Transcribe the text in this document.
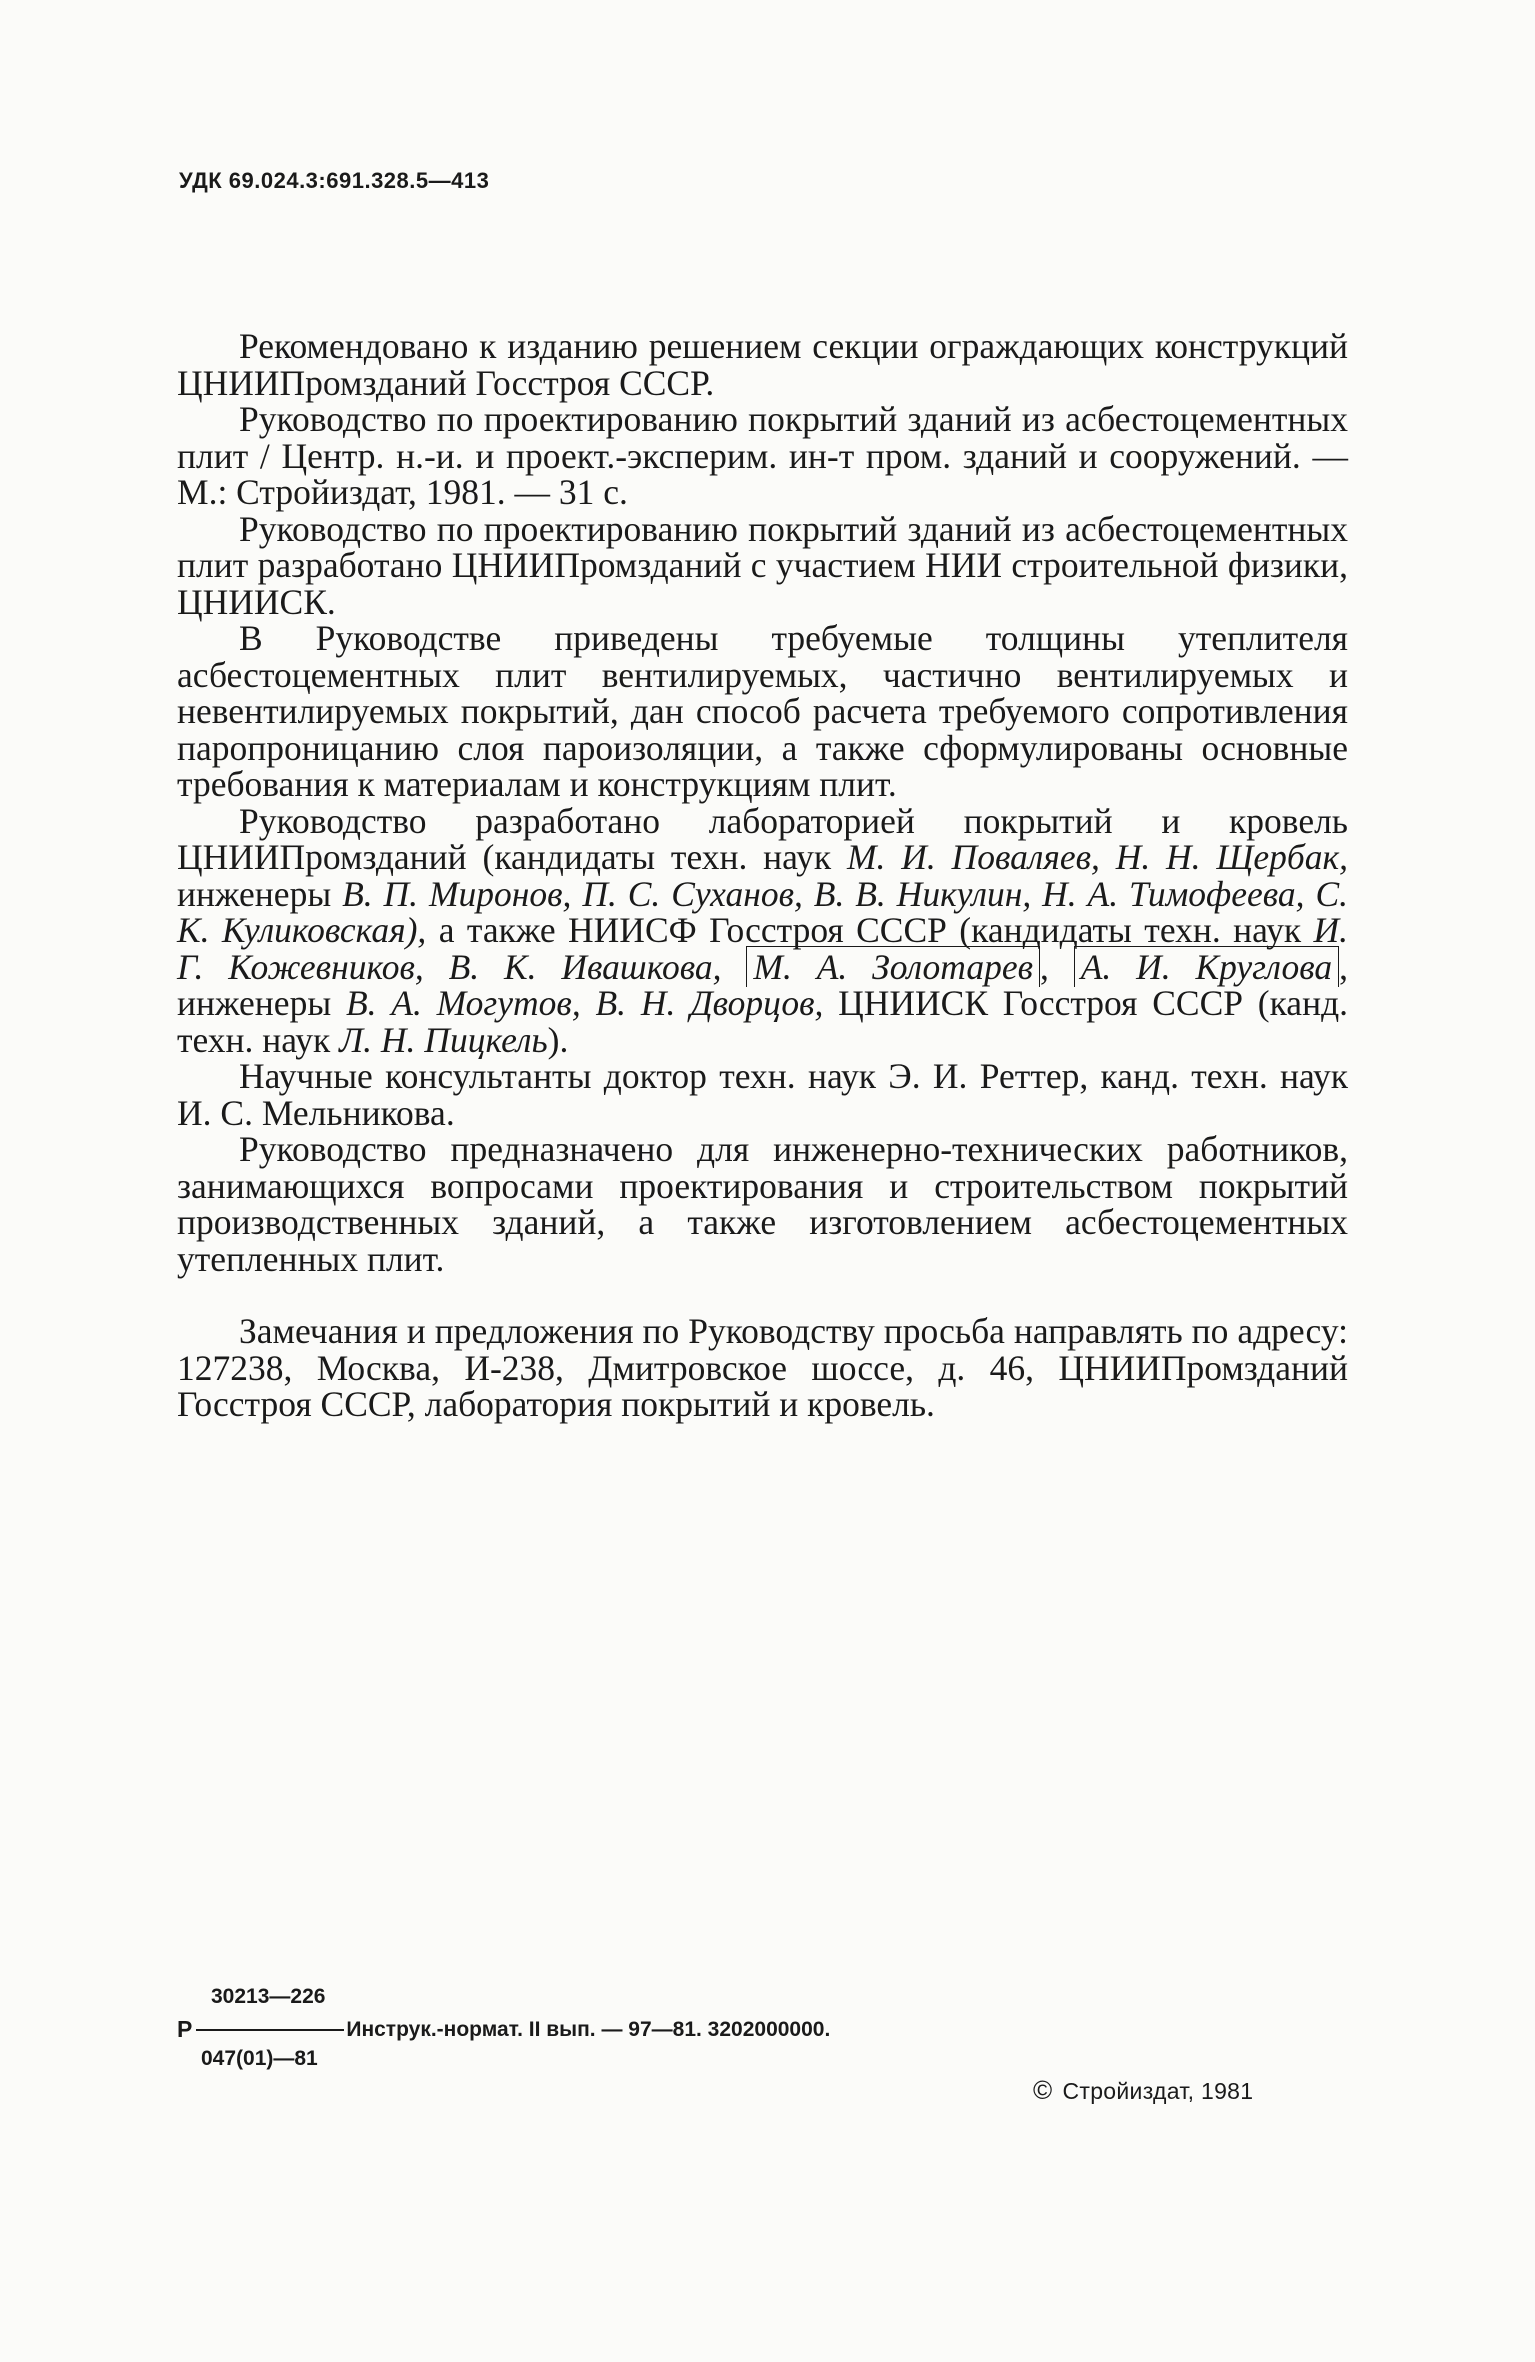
УДК 69.024.3:691.328.5—413

Рекомендовано к изданию решением секции ограждающих конструкций ЦНИИПромзданий Госстроя СССР.

Руководство по проектированию покрытий зданий из асбестоцементных плит / Центр. н.-и. и проект.-эксперим. ин-т пром. зданий и сооружений. — М.: Стройиздат, 1981. — 31 с.

Руководство по проектированию покрытий зданий из асбестоцементных плит разработано ЦНИИПромзданий с участием НИИ строительной физики, ЦНИИСК.

В Руководстве приведены требуемые толщины утеплителя асбестоцементных плит вентилируемых, частично вентилируемых и невентилируемых покрытий, дан способ расчета требуемого сопротивления паропроницанию слоя пароизоляции, а также сформулированы основные требования к материалам и конструкциям плит.

Руководство разработано лабораторией покрытий и кровель ЦНИИПромзданий (кандидаты техн. наук М. И. Поваляев, Н. Н. Щербак, инженеры В. П. Миронов, П. С. Суханов, В. В. Никулин, Н. А. Тимофеева, С. К. Куликовская), а также НИИСФ Госстроя СССР (кандидаты техн. наук И. Г. Кожевников, В. К. Ивашкова, М. А. Золотарев , А. И. Круглова , инженеры В. А. Могутов, В. Н. Дворцов, ЦНИИСК Госстроя СССР (канд. техн. наук Л. Н. Пицкель).

Научные консультанты доктор техн. наук Э. И. Реттер, канд. техн. наук И. С. Мельникова.

Руководство предназначено для инженерно-технических работников, занимающихся вопросами проектирования и строительством покрытий производственных зданий, а также изготовлением асбестоцементных утепленных плит.

Замечания и предложения по Руководству просьба направлять по адресу: 127238, Москва, И-238, Дмитровское шоссе, д. 46, ЦНИИПромзданий Госстроя СССР, лаборатория покрытий и кровель.

30213—226
Р	Инструк.-нормат. II вып. — 97—81. 3202000000.
047(01)—81
© Стройиздат, 1981
